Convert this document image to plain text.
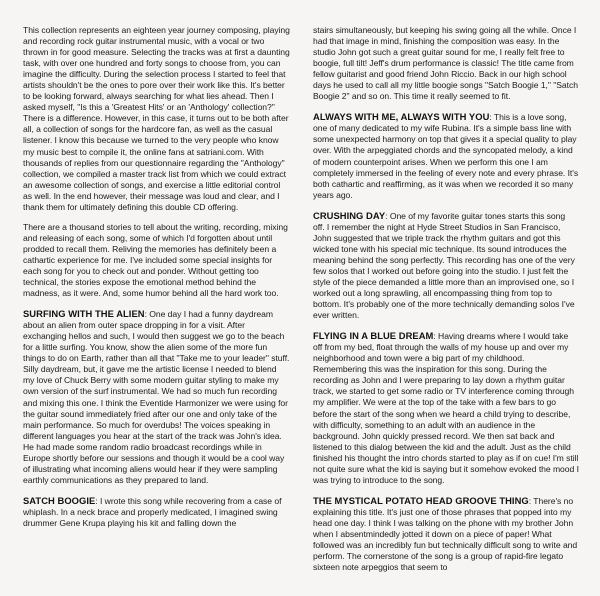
This collection represents an eighteen year journey composing, playing and recording rock guitar instrumental music, with a vocal or two thrown in for good measure. Selecting the tracks was at first a daunting task, with over one hundred and forty songs to choose from, you can imagine the difficulty. During the selection process I started to feel that artists shouldn't be the ones to pore over their work like this. It's better to be looking forward, always searching for what lies ahead. Then I asked myself, "Is this a 'Greatest Hits' or an 'Anthology' collection?" There is a difference. However, in this case, it turns out to be both after all, a collection of songs for the hardcore fan, as well as the casual listener. I know this because we turned to the very people who know my music best to compile it, the online fans at satriani.com. With thousands of replies from our questionnaire regarding the "Anthology" collection, we compiled a master track list from which we could extract an awesome collection of songs, and exercise a little editorial control as well. In the end however, their message was loud and clear, and I thank them for ultimately defining this double CD offering.

There are a thousand stories to tell about the writing, recording, mixing and releasing of each song, some of which I'd forgotten about until prodded to recall them. Reliving the memories has definitely been a cathartic experience for me. I've included some special insights for each song for you to check out and ponder. Without getting too technical, the stories expose the emotional method behind the madness, as it were. And, some humor behind all the hard work too.

SURFING WITH THE ALIEN: One day I had a funny daydream about an alien from outer space dropping in for a visit. After exchanging hellos and such, I would then suggest we go to the beach for a little surfing. You know, show the alien some of the more fun things to do on Earth, rather than all that "Take me to your leader" stuff. Silly daydream, but, it gave me the artistic license I needed to blend my love of Chuck Berry with some modern guitar styling to make my own version of the surf instrumental. We had so much fun recording and mixing this one. I think the Eventide Harmonizer we were using for the guitar sound immediately fried after our one and only take of the main performance. So much for overdubs! The voices speaking in different languages you hear at the start of the track was John's idea. He had made some random radio broadcast recordings while in Europe shortly before our sessions and though it would be a cool way of illustrating what incoming aliens would hear if they were sampling earthly communications as they prepared to land.
SATCH BOOGIE: I wrote this song while recovering from a case of whiplash. In a neck brace and properly medicated, I imagined swing drummer Gene Krupa playing his kit and falling down the

stairs simultaneously, but keeping his swing going all the while. Once I had that image in mind, finishing the composition was easy. In the studio John got such a great guitar sound for me, I really felt free to boogie, full tilt! Jeff's drum performance is classic! The title came from fellow guitarist and good friend John Riccio. Back in our high school days he used to call all my little boogie songs "Satch Boogie 1," "Satch Boogie 2" and so on. This time it really seemed to fit.

ALWAYS WITH ME, ALWAYS WITH YOU: This is a love song, one of many dedicated to my wife Rubina. It's a simple bass line with some unexpected harmony on top that gives it a special quality to play over. With the arpeggiated chords and the syncopated melody, a kind of modern counterpoint arises. When we perform this one I am completely immersed in the feeling of every note and every phrase. It's both cathartic and reaffirming, as it was when we recorded it so many years ago.
CRUSHING DAY: One of my favorite guitar tones starts this song off. I remember the night at Hyde Street Studios in San Francisco, John suggested that we triple track the rhythm guitars and got this wicked tone with his special mic technique. Its sound introduces the meaning behind the song perfectly. This recording has one of the very few solos that I worked out before going into the studio. I just felt the style of the piece demanded a little more than an improvised one, so I worked out a long sprawling, all encompassing thing from top to bottom. It's probably one of the more technically demanding solos I've ever written.
FLYING IN A BLUE DREAM: Having dreams where I would take off from my bed, float through the walls of my house up and over my neighborhood and town were a big part of my childhood. Remembering this was the inspiration for this song. During the recording as John and I were preparing to lay down a rhythm guitar track, we started to get some radio or TV interference coming through my amplifier. We were at the top of the take with a few bars to go before the start of the song when we heard a child trying to describe, with difficulty, something to an adult with an audience in the background. John quickly pressed record. We then sat back and listened to this dialog between the kid and the adult. Just as the child finished his thought the intro chords started to play as if on cue! I'm still not quite sure what the kid is saying but it somehow evoked the mood I was trying to introduce to the song.
THE MYSTICAL POTATO HEAD GROOVE THING: There's no explaining this title. It's just one of those phrases that popped into my head one day. I think I was talking on the phone with my brother John when I absentmindedly jotted it down on a piece of paper! What followed was an incredibly fun but technically difficult song to write and perform. The cornerstone of the song is a group of rapid-fire legato sixteen note arpeggios that seem to
